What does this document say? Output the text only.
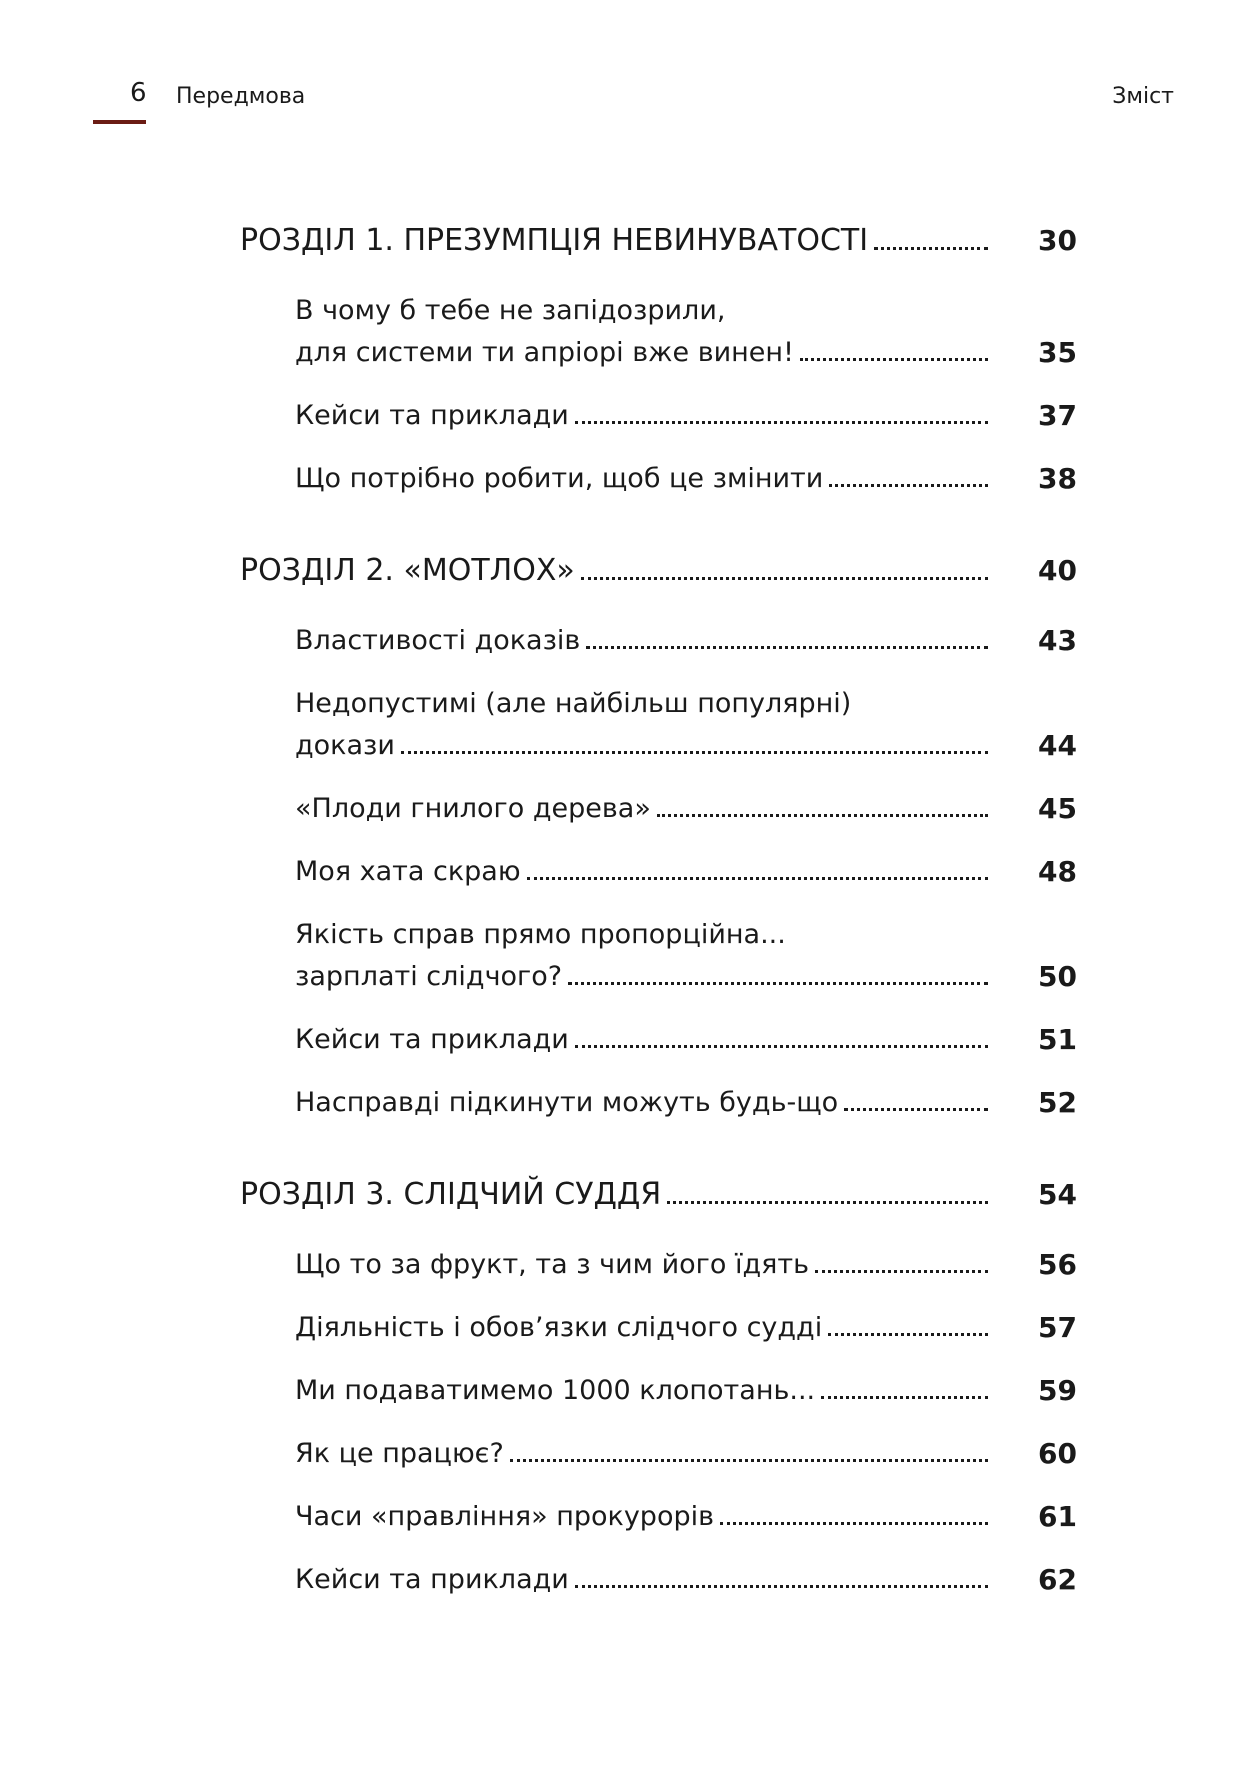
6 Передмова	Зміст
РОЗДІЛ 1. ПРЕЗУМПЦІЯ НЕВИНУВАТОСТІ	30
В чому б тебе не запідозрили,
для системи ти апріорі вже винен!	35
Кейси та приклади	37
Що потрібно робити, щоб це змінити	38
РОЗДІЛ 2. «МОТЛОХ»	40
Властивості доказів	43
Недопустимі (але найбільш популярні)
докази	44
«Плоди гнилого дерева»	45
Моя хата скраю	48
Якість справ прямо пропорційна...
зарплаті слідчого?	50
Кейси та приклади	51
Насправді підкинути можуть будь-що	52
РОЗДІЛ 3. СЛІДЧИЙ СУДДЯ	54
Що то за фрукт, та з чим його їдять	56
Діяльність і обов’язки слідчого судді	57
Ми подаватимемо 1000 клопотань...	59
Як це працює?	60
Часи «правління» прокурорів	61
Кейси та приклади	62
